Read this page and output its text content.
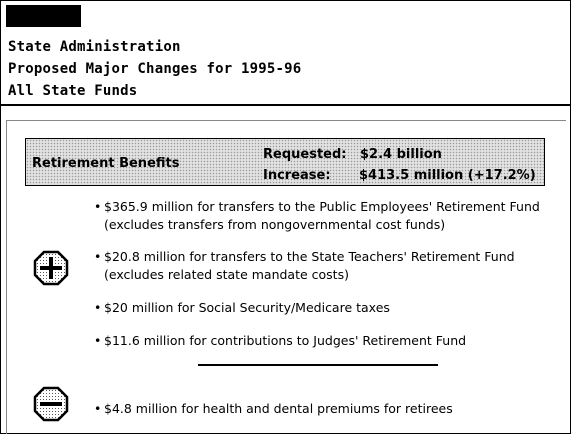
State Administration
Proposed Major Changes for 1995-96
All State Funds
Retirement Benefits
Requested: $2.4 billion
Increase: $413.5 million (+17.2%)
• $365.9 million for transfers to the Public Employees' Retirement Fund (excludes transfers from nongovernmental cost funds)
• $20.8 million for transfers to the State Teachers' Retirement Fund (excludes related state mandate costs)
• $20 million for Social Security/Medicare taxes
• $11.6 million for contributions to Judges' Retirement Fund
• $4.8 million for health and dental premiums for retirees
